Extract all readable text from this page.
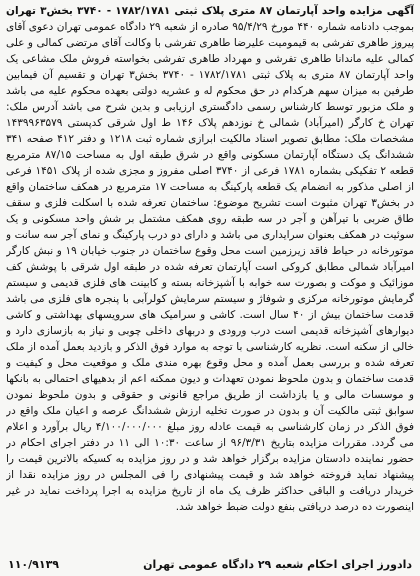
آگهی مزایده واحد آپارتمان ۸۷ متری پلاک ثبتی ۱۷۸۲/۱۷۸۱ - ۳۷۴۰ بخش۳ تهران بموجب دادنامه شماره ۴۴۰ مورخ ۹۵/۴/۲۹ صادره از شعبه ۲۹ دادگاه عمومی تهران دعوی آقای پیروز طاهری تفرشی به قیمومیت علیرضا طاهری تفرشی با وکالت آقای مرتضی کمالی و علی کمالی علیه ماندانا طاهری تفرشی و مهرداد طاهری تفرشی بخواسته فروش ملک مشاعی یک واحد آپارتمان ۸۷ متری به پلاک ثبتی ۱۷۸۲/۱۷۸۱ - ۳۷۴۰ بخش۳ تهران و تقسیم آن فیمابین طرفین به میزان سهم هرکدام در حق محکوم له و عشریه دولتی بعهده محکوم علیه می باشد و ملک مزبور توسط کارشناس رسمی دادگستری ارزیابی و بدین شرح می باشد آدرس ملک: تهران خ کارگر (امیرآباد) شمالی خ نوزدهم پلاک ۱۴۶ ط اول شرقی کدپستی ۱۴۳۹۹۶۳۵۷۹ مشخصات ملک: مطابق تصویر اسناد مالکیت ابرازی شماره ثبت ۱۲۱۸ و دفتر ۴۱۲ صفحه ۳۴۱ ششدانگ یک دستگاه آپارتمان مسکونی واقع در شرق طبقه اول به مساحت ۸۷/۱۵ مترمربع قطعه ۲ تفکیکی بشماره ۱۷۸۱ فرعی از ۳۷۴۰ اصلی مفروز و مجزی شده از پلاک ۱۴۵۱ فرعی از اصلی مذکور به انضمام یک قطعه پارکینگ به مساحت ۱۷ مترمربع در همکف ساختمان واقع در بخش۳ تهران مثبوت است تشریح موضوع: ساختمان تعرفه شده با اسکلت فلزی و سقف طاق ضربی با تیرآهن و آجر در سه طبقه روی همکف مشتمل بر شش واحد مسکونی و یک سوئیت در همکف بعنوان سرایداری می باشد و دارای دو درب پارکینگ و نمای آجر سه سانت و موتورخانه در حیاط فاقد زیرزمین است محل وقوع ساختمان در جنوب خیابان ۱۹ و نبش کارگر امیرآباد شمالی مطابق کروکی است آپارتمان تعرفه شده در طبقه اول شرقی با پوشش کف موزائیک و موکت و بصورت سه خوابه با آشپزخانه بسته و کابینت های فلزی قدیمی و سیستم گرمایش موتورخانه مرکزی و شوفاژ و سیستم سرمایش کولرآبی با پنجره های فلزی می باشد قدمت ساختمان بیش از ۴۰ سال است. کاشی و سرامیک های سرویسهای بهداشتی و کاشی دیوارهای آشپزخانه قدیمی است درب ورودی و دربهای داخلی چوبی و نیاز به بازسازی دارد و خالی از سکنه است. نظریه کارشناسی با توجه به موارد فوق الذکر و بازدید بعمل آمده از ملک تعرفه شده و بررسی بعمل آمده و محل وقوع بهره مندی ملک و موقعیت محل و کیفیت و قدمت ساختمان و بدون ملحوظ نمودن تعهدات و دیون ممکنه اعم از بدهیهای احتمالی به بانکها و موسسات مالی و یا بازداشت از طریق مراجع قانونی و حقوقی و بدون ملحوظ نمودن سوابق ثبتی مالکیت آن و بدون در صورت تخلیه ارزش ششدانگ عرصه و اعیان ملک واقع در فوق الذکر در زمان کارشناسی به قیمت عادله روز مبلغ ۴/۱۰۰/۰۰۰/۰۰۰ ریال برآورد و اعلام می گردد. مقررات مزایده بتاریخ ۹۶/۳/۳۱ از ساعت ۱۰:۳۰ الی ۱۱ در دفتر اجرای احکام در حضور نماینده دادستان مزایده برگزار خواهد شد و در روز مزایده به کسیکه بالاترین قیمت را پیشنهاد نماید فروخته خواهد شد و قیمت پیشنهادی را فی المجلس در روز مزایده نقدا از خریدار دریافت و الباقی حداکثر ظرف یک ماه از تاریخ مزایده به اجرا پرداخت نماید در غیر اینصورت ده درصد دریافتی بنفع دولت ضبط خواهد شد.

دادورز اجرای احکام شعبه ۲۹ دادگاه عمومی تهران
۱۱۰/۹۱۳۹
